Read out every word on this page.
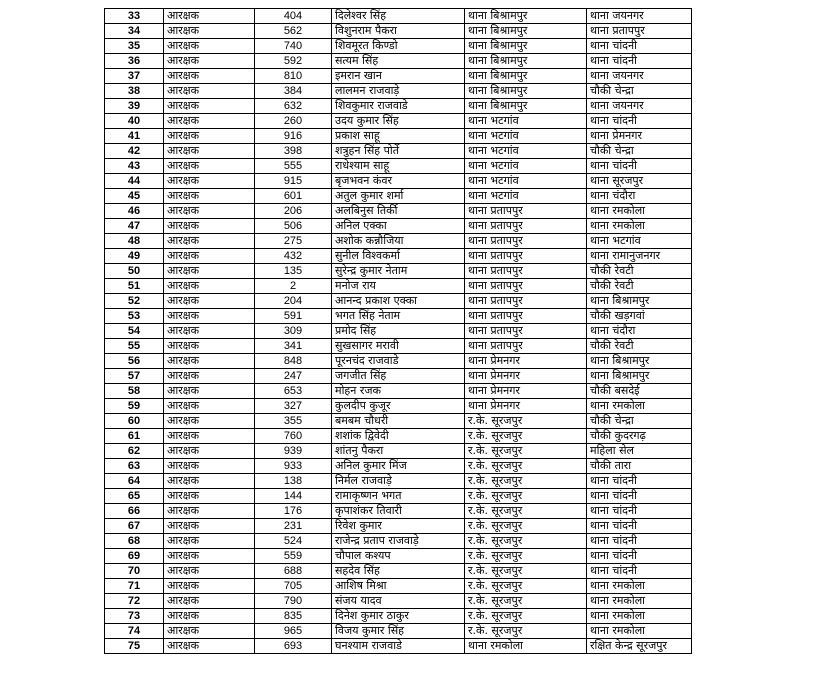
33	आरक्षक	404	दिलेश्वर सिंह	थाना बिश्रामपुर	थाना जयनगर
34	आरक्षक	562	विशुनराम पैकरा	थाना बिश्रामपुर	थाना प्रतापपुर
35	आरक्षक	740	शिवमूरत किण्डो	थाना बिश्रामपुर	थाना चांदनी
36	आरक्षक	592	सत्यम सिंह	थाना बिश्रामपुर	थाना चांदनी
37	आरक्षक	810	इमरान खान	थाना बिश्रामपुर	थाना जयनगर
38	आरक्षक	384	लालमन राजवाड़े	थाना बिश्रामपुर	चौकी चेन्द्रा
39	आरक्षक	632	शिवकुमार राजवाडे	थाना बिश्रामपुर	थाना जयनगर
40	आरक्षक	260	उदय कुमार सिंह	थाना भटगांव	थाना चांदनी
41	आरक्षक	916	प्रकाश साहू	थाना भटगांव	थाना प्रेमनगर
42	आरक्षक	398	शत्रुहन सिंह पोर्ते	थाना भटगांव	चौकी चेन्द्रा
43	आरक्षक	555	राधेश्याम साहू	थाना भटगांव	थाना चांदनी
44	आरक्षक	915	बृजभवन कंवर	थाना भटगांव	थाना सूरजपुर
45	आरक्षक	601	अतुल कुमार शर्मा	थाना भटगांव	थाना चंदौरा
46	आरक्षक	206	अलबिनुस तिर्की	थाना प्रतापपुर	थाना रमकोला
47	आरक्षक	506	अनिल एक्का	थाना प्रतापपुर	थाना रमकोला
48	आरक्षक	275	अशोक कन्नौजिया	थाना प्रतापपुर	थाना भटगांव
49	आरक्षक	432	सुनील विश्वकर्मा	थाना प्रतापपुर	थाना रामानुजनगर
50	आरक्षक	135	सुरेन्द्र कुमार नेताम	थाना प्रतापपुर	चौकी रेवटी
51	आरक्षक	2	मनोज राय	थाना प्रतापपुर	चौकी रेवटी
52	आरक्षक	204	आनन्द प्रकाश एक्का	थाना प्रतापपुर	थाना बिश्रामपुर
53	आरक्षक	591	भगत सिंह नेताम	थाना प्रतापपुर	चौकी खड़गवां
54	आरक्षक	309	प्रमोद सिंह	थाना प्रतापपुर	थाना चंदौरा
55	आरक्षक	341	सुखसागर मरावी	थाना प्रतापपुर	चौकी रेवटी
56	आरक्षक	848	पूरनचंद राजवाडे	थाना प्रेमनगर	थाना बिश्रामपुर
57	आरक्षक	247	जगजीत सिंह	थाना प्रेमनगर	थाना बिश्रामपुर
58	आरक्षक	653	मोहन रजक	थाना प्रेमनगर	चौकी बसदेई
59	आरक्षक	327	कुलदीप कुजूर	थाना प्रेमनगर	थाना रमकोला
60	आरक्षक	355	बमबम चौधरी	र.के. सूरजपुर	चौकी चेन्द्रा
61	आरक्षक	760	शशांक द्विवेदी	र.के. सूरजपुर	चौकी कुदरगढ़
62	आरक्षक	939	शांतनु पैकरा	र.के. सूरजपुर	महिला सेल
63	आरक्षक	933	अनिल कुमार मिंज	र.के. सूरजपुर	चौकी तारा
64	आरक्षक	138	निर्मल राजवाड़े	र.के. सूरजपुर	थाना चांदनी
65	आरक्षक	144	रामाकृष्णन भगत	र.के. सूरजपुर	थाना चांदनी
66	आरक्षक	176	कृपाशंकर तिवारी	र.के. सूरजपुर	थाना चांदनी
67	आरक्षक	231	रिवेश कुमार	र.के. सूरजपुर	थाना चांदनी
68	आरक्षक	524	राजेन्द्र प्रताप राजवाड़े	र.के. सूरजपुर	थाना चांदनी
69	आरक्षक	559	चौपाल कश्यप	र.के. सूरजपुर	थाना चांदनी
70	आरक्षक	688	सहदेव सिंह	र.के. सूरजपुर	थाना चांदनी
71	आरक्षक	705	आशिष मिश्रा	र.के. सूरजपुर	थाना रमकोला
72	आरक्षक	790	संजय यादव	र.के. सूरजपुर	थाना रमकोला
73	आरक्षक	835	दिनेश कुमार ठाकुर	र.के. सूरजपुर	थाना रमकोला
74	आरक्षक	965	विजय कुमार सिंह	र.के. सूरजपुर	थाना रमकोला
75	आरक्षक	693	घनश्याम राजवाडे	थाना रमकोला	रक्षित केन्द्र सूरजपुर
